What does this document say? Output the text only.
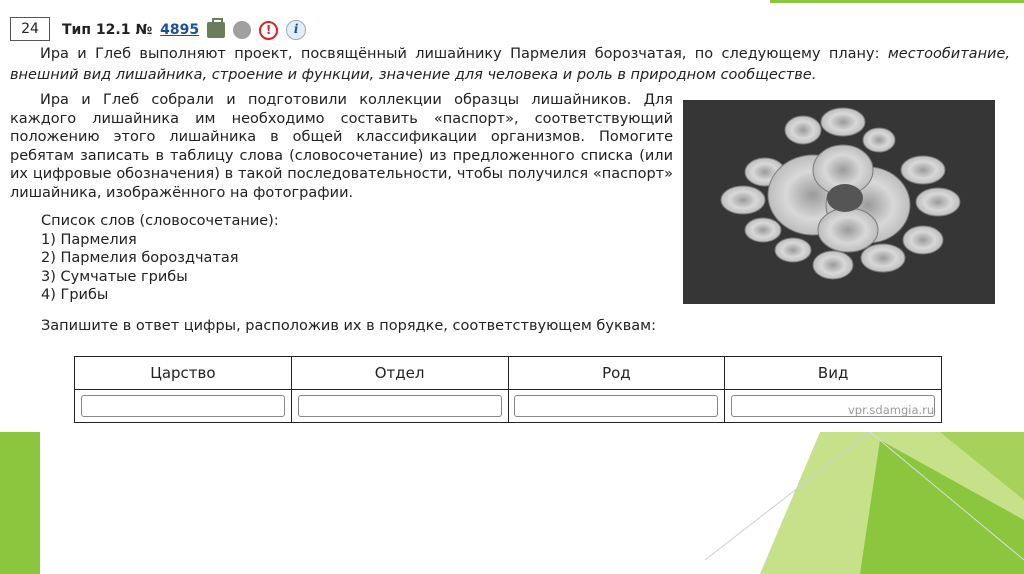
24	Тип 12.1 № 4895	!	i
Ира и Глеб выполняют проект, посвящённый лишайнику Пармелия борозчатая, по следующему плану: местообитание, внешний вид лишайника, строение и функции, значение для человека и роль в природном сообществе.
Ира и Глеб собрали и подготовили коллекции образцы лишайников. Для каждого лишайника им необходимо составить «паспорт», соответствующий положению этого лишайника в общей классификации организмов. Помогите ребятам записать в таблицу слова (словосочетание) из предложенного списка (или их цифровые обозначения) в такой последовательности, чтобы получился «паспорт» лишайника, изображённого на фотографии.
Список слов (словосочетание):
1) Пармелия
2) Пармелия бороздчатая
3) Сумчатые грибы
4) Грибы
Запишите в ответ цифры, расположив их в порядке, соответствующем буквам:
Царство	Отдел	Род	Вид

vpr.sdamgia.ru
